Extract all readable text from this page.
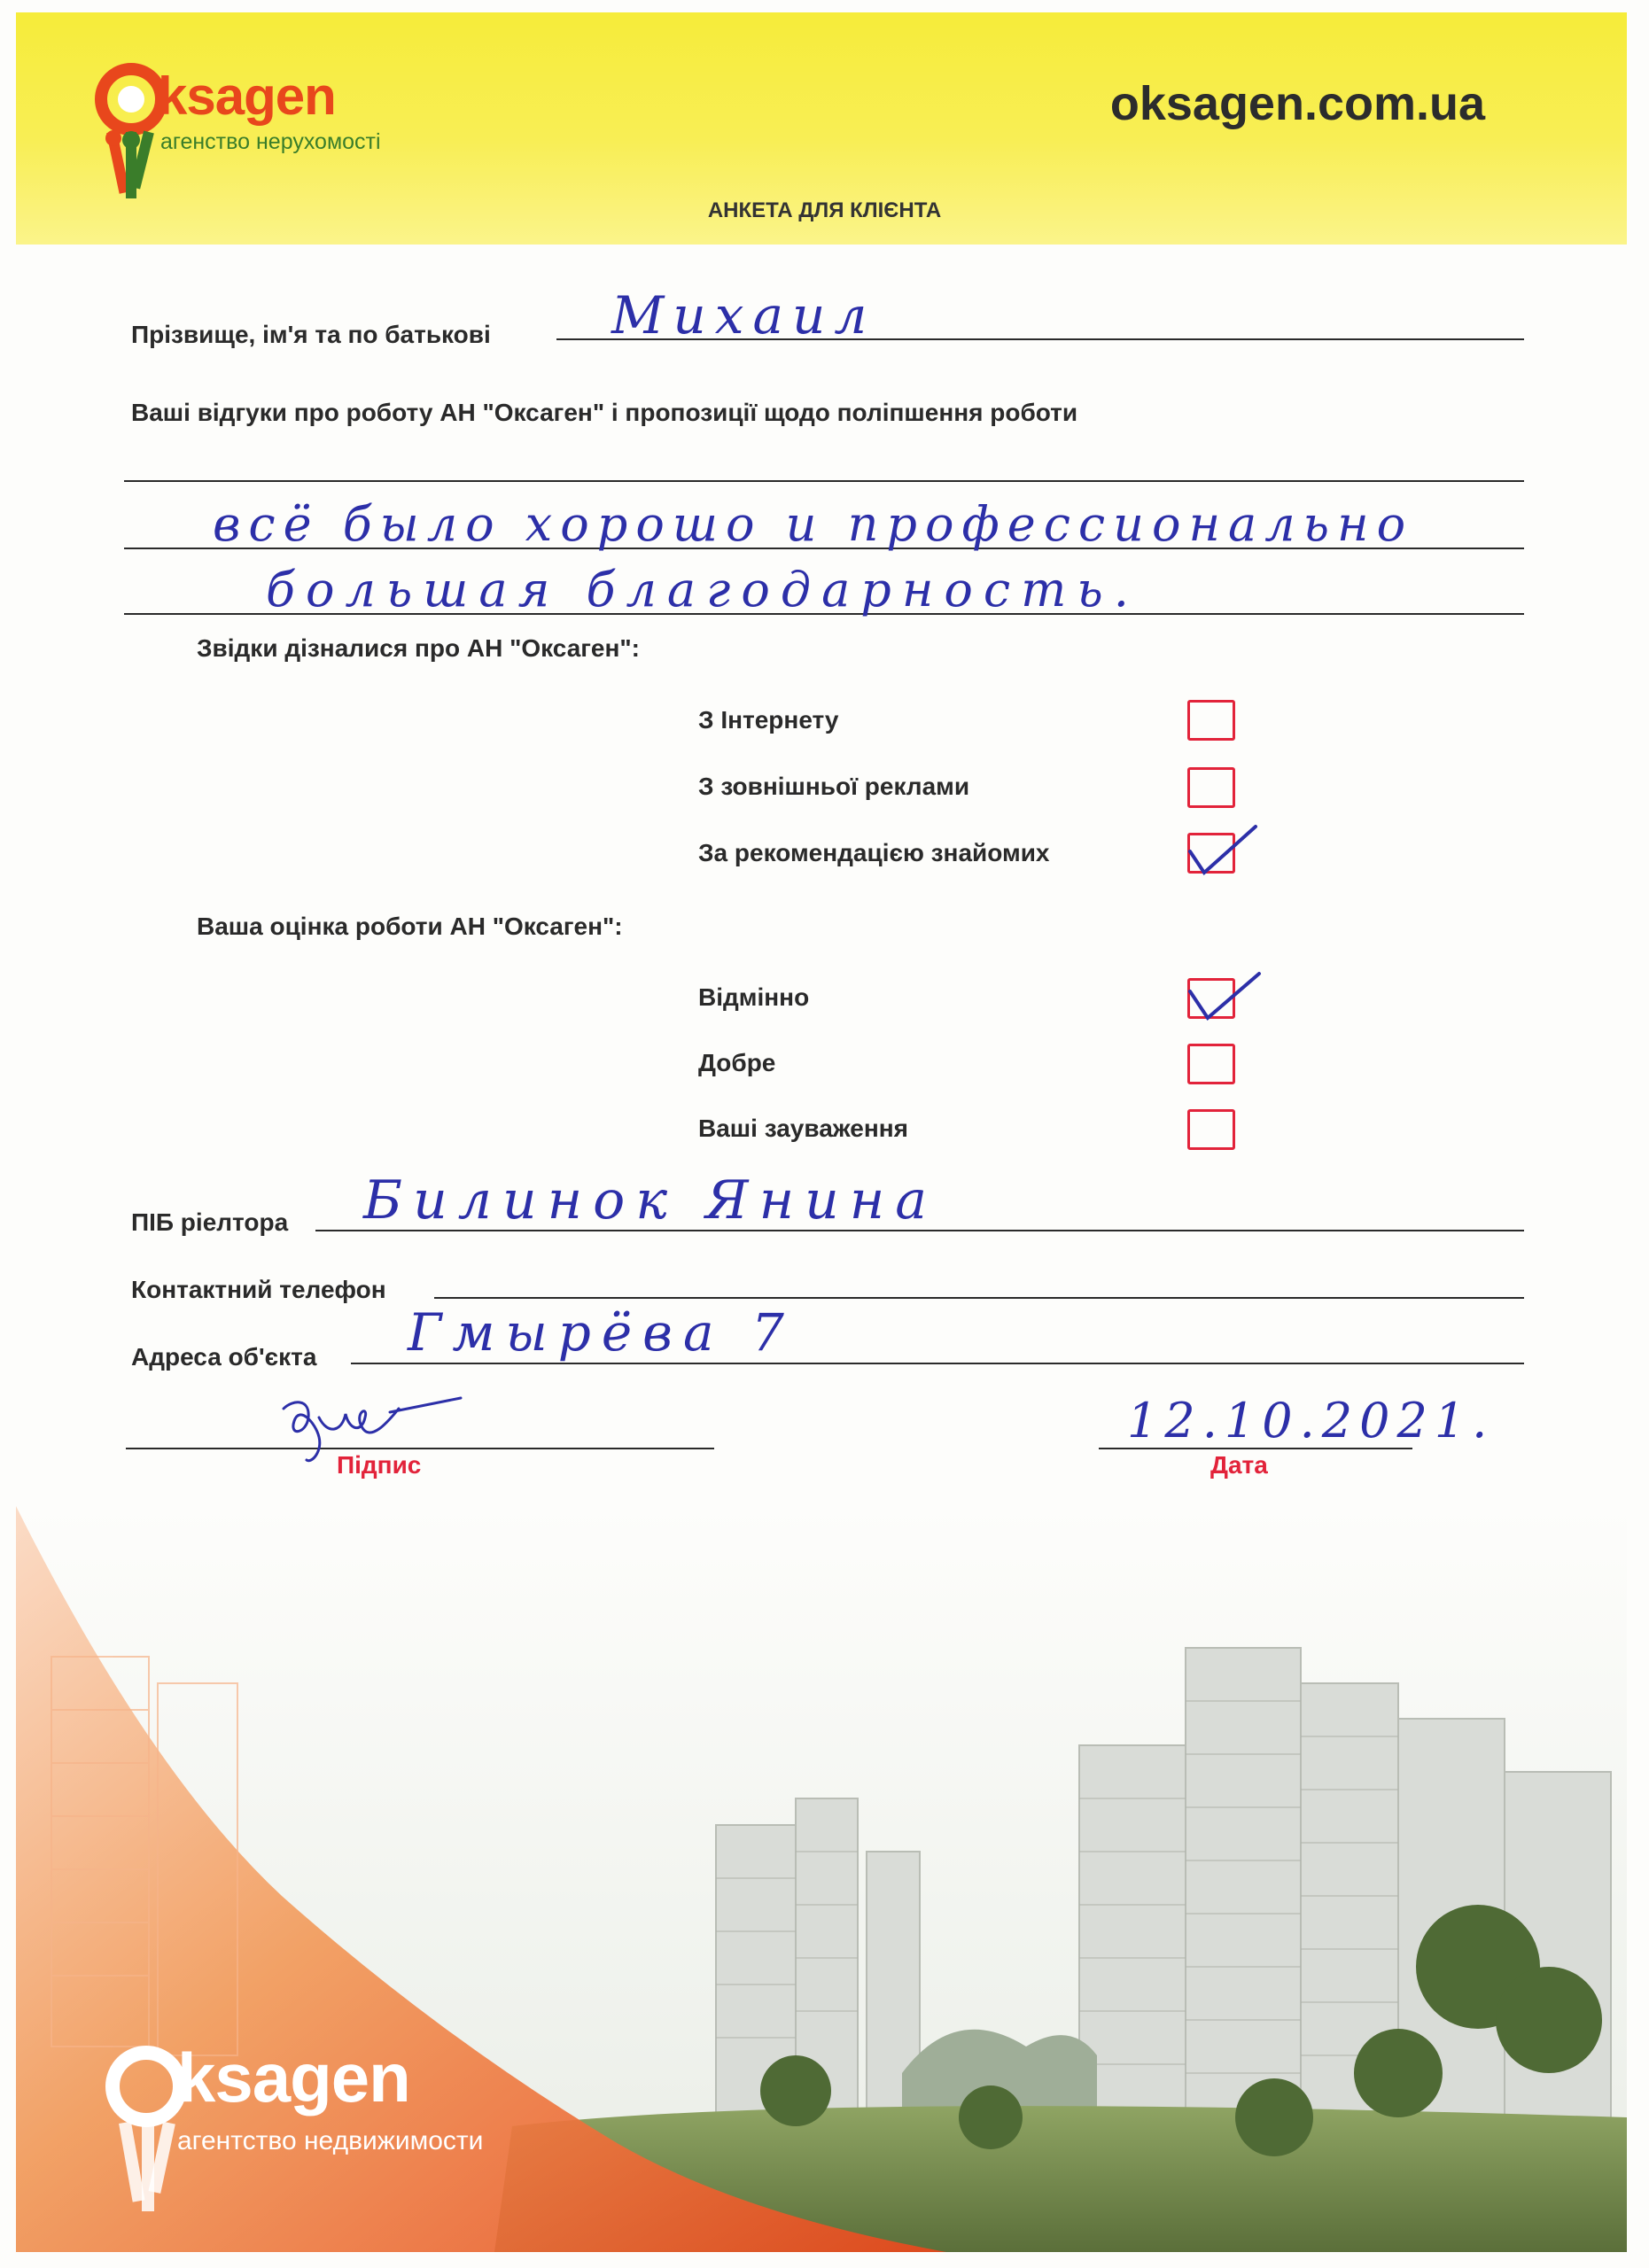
ksagen
агенство нерухомості
oksagen.com.ua
АНКЕТА ДЛЯ КЛІЄНТА
Прізвище, ім'я та по батькові Михаил
Ваші відгуки про роботу АН "Оксаген" і пропозиції щодо поліпшення роботи
всё было хорошо и профессионально
большая благодарность.
Звідки дізналися про АН "Оксаген":
З Інтернету
З зовнішньої реклами
За рекомендацією знайомих
Ваша оцінка роботи АН "Оксаген":
Відмінно
Добре
Ваші зауваження
ПІБ ріелтора Билинок Янина
Контактний телефон
Адреса об'єкта Гмырёва 7
Підпис
12.10.2021.
Дата
ksagen
агентство недвижимости
